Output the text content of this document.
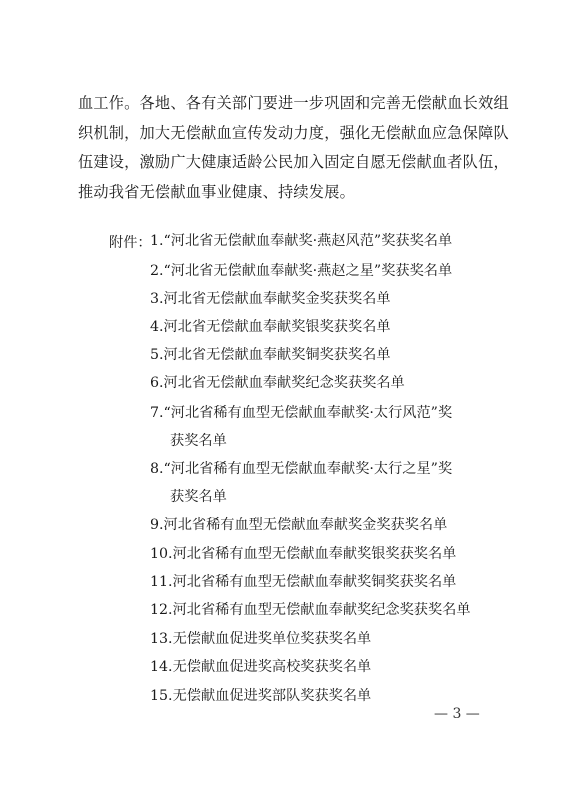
血工作。各地、各有关部门要进一步巩固和完善无偿献血长效组
织机制，加大无偿献血宣传发动力度，强化无偿献血应急保障队
伍建设，激励广大健康适龄公民加入固定自愿无偿献血者队伍，
推动我省无偿献血事业健康、持续发展。
附件：
1.“河北省无偿献血奉献奖·燕赵风范”奖获奖名单
2.“河北省无偿献血奉献奖·燕赵之星”奖获奖名单
3.河北省无偿献血奉献奖金奖获奖名单
4.河北省无偿献血奉献奖银奖获奖名单
5.河北省无偿献血奉献奖铜奖获奖名单
6.河北省无偿献血奉献奖纪念奖获奖名单
7.“河北省稀有血型无偿献血奉献奖·太行风范”奖
获奖名单
8.“河北省稀有血型无偿献血奉献奖·太行之星”奖
获奖名单
9.河北省稀有血型无偿献血奉献奖金奖获奖名单
10.河北省稀有血型无偿献血奉献奖银奖获奖名单
11.河北省稀有血型无偿献血奉献奖铜奖获奖名单
12.河北省稀有血型无偿献血奉献奖纪念奖获奖名单
13.无偿献血促进奖单位奖获奖名单
14.无偿献血促进奖高校奖获奖名单
15.无偿献血促进奖部队奖获奖名单
— 3 —
